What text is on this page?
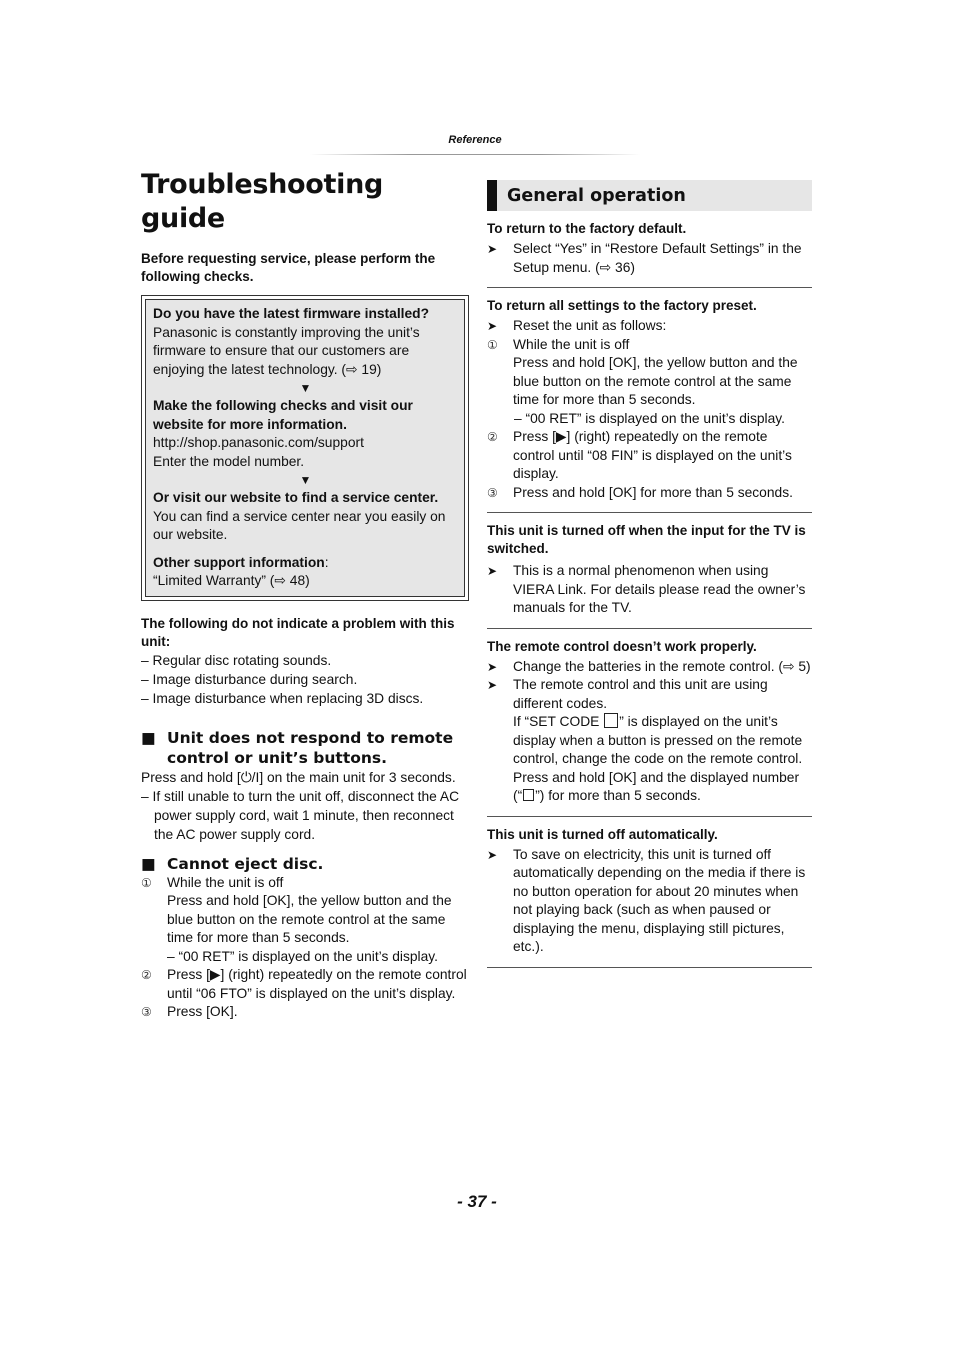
Reference
Troubleshooting guide
Before requesting service, please perform the following checks.
Do you have the latest firmware installed?
Panasonic is constantly improving the unit’s firmware to ensure that our customers are enjoying the latest technology. (⇨ 19)
▼
Make the following checks and visit our website for more information.
http://shop.panasonic.com/support
Enter the model number.
▼
Or visit our website to find a service center.
You can find a service center near you easily on our website.
Other support information:
“Limited Warranty” (⇨ 48)
The following do not indicate a problem with this unit:
– Regular disc rotating sounds.
– Image disturbance during search.
– Image disturbance when replacing 3D discs.
■ Unit does not respond to remote control or unit’s buttons.
Press and hold [⏻/I] on the main unit for 3 seconds.
– If still unable to turn the unit off, disconnect the AC power supply cord, wait 1 minute, then reconnect the AC power supply cord.
■ Cannot eject disc.
①	While the unit is off
Press and hold [OK], the yellow button and the blue button on the remote control at the same time for more than 5 seconds.
– “00 RET” is displayed on the unit’s display.
②	Press [▶] (right) repeatedly on the remote control until “06 FTO” is displayed on the unit’s display.
③	Press [OK].
General operation
To return to the factory default.
➤	Select “Yes” in “Restore Default Settings” in the Setup menu. (⇨ 36)
To return all settings to the factory preset.
➤	Reset the unit as follows:
①	While the unit is off
Press and hold [OK], the yellow button and the blue button on the remote control at the same time for more than 5 seconds.
– “00 RET” is displayed on the unit’s display.
②	Press [▶] (right) repeatedly on the remote control until “08 FIN” is displayed on the unit’s display.
③	Press and hold [OK] for more than 5 seconds.
This unit is turned off when the input for the TV is switched.
➤	This is a normal phenomenon when using VIERA Link. For details please read the owner’s manuals for the TV.
The remote control doesn’t work properly.
➤	Change the batteries in the remote control. (⇨ 5)
➤	The remote control and this unit are using different codes.
If “SET CODE ” is displayed on the unit’s display when a button is pressed on the remote control, change the code on the remote control.
Press and hold [OK] and the displayed number (“ ”) for more than 5 seconds.
This unit is turned off automatically.
➤	To save on electricity, this unit is turned off automatically depending on the media if there is no button operation for about 20 minutes when not playing back (such as when paused or displaying the menu, displaying still pictures, etc.).
- 37 -
